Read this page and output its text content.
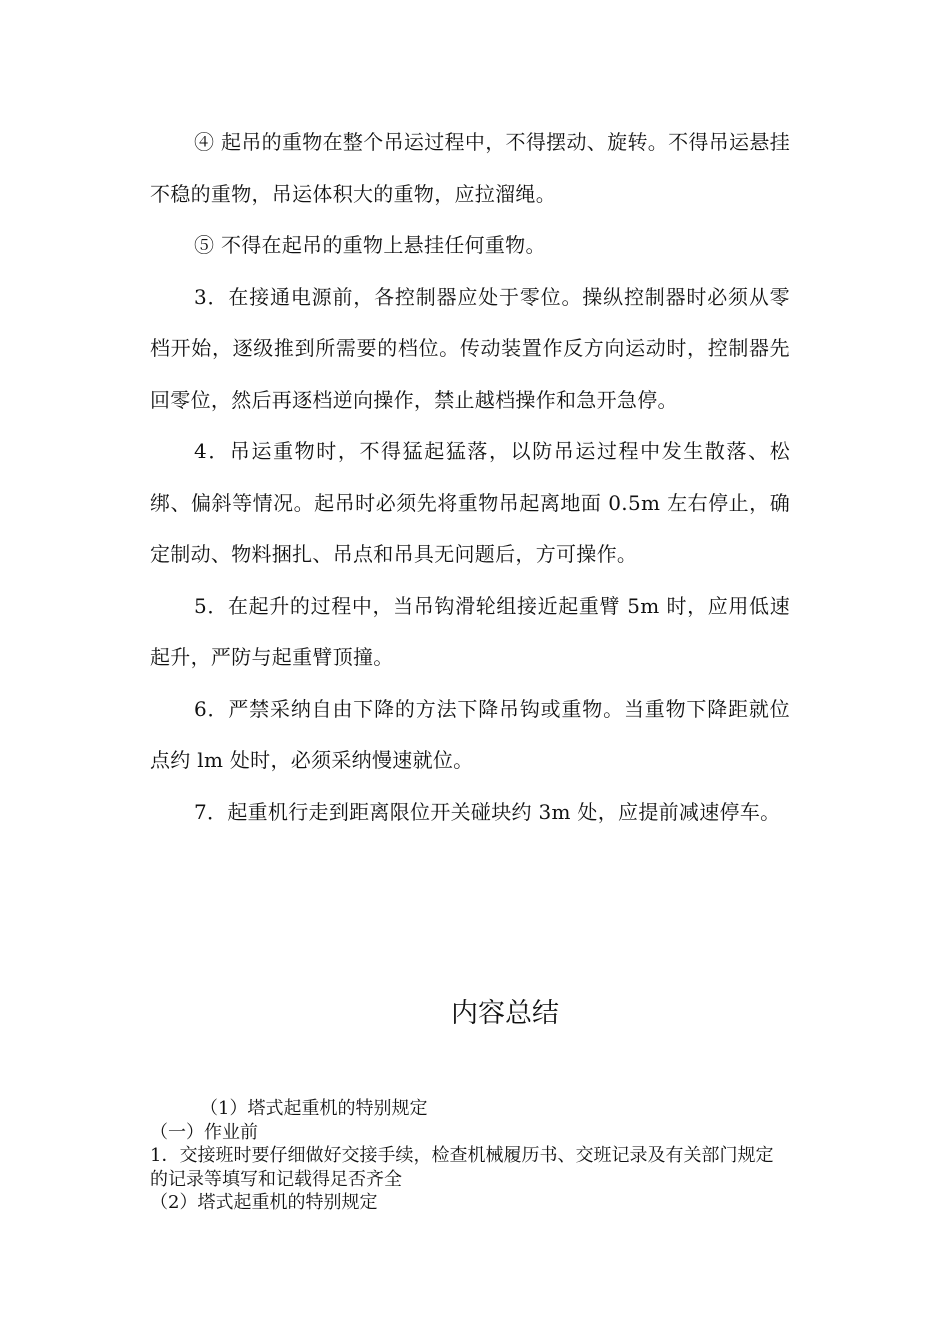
④ 起吊的重物在整个吊运过程中，不得摆动、旋转。不得吊运悬挂不稳的重物，吊运体积大的重物，应拉溜绳。

⑤ 不得在起吊的重物上悬挂任何重物。

3．在接通电源前，各控制器应处于零位。操纵控制器时必须从零档开始，逐级推到所需要的档位。传动装置作反方向运动时，控制器先回零位，然后再逐档逆向操作，禁止越档操作和急开急停。

4．吊运重物时，不得猛起猛落，以防吊运过程中发生散落、松绑、偏斜等情况。起吊时必须先将重物吊起离地面 0.5m 左右停止，确定制动、物料捆扎、吊点和吊具无问题后，方可操作。

5．在起升的过程中，当吊钩滑轮组接近起重臂 5m 时，应用低速起升，严防与起重臂顶撞。

6．严禁采纳自由下降的方法下降吊钩或重物。当重物下降距就位点约 lm 处时，必须采纳慢速就位。

7．起重机行走到距离限位开关碰块约 3m 处，应提前减速停车。

内容总结

（1）塔式起重机的特别规定

（一）作业前

1．交接班时要仔细做好交接手续，检查机械履历书、交班记录及有关部门规定的记录等填写和记载得足否齐全

（2）塔式起重机的特别规定
